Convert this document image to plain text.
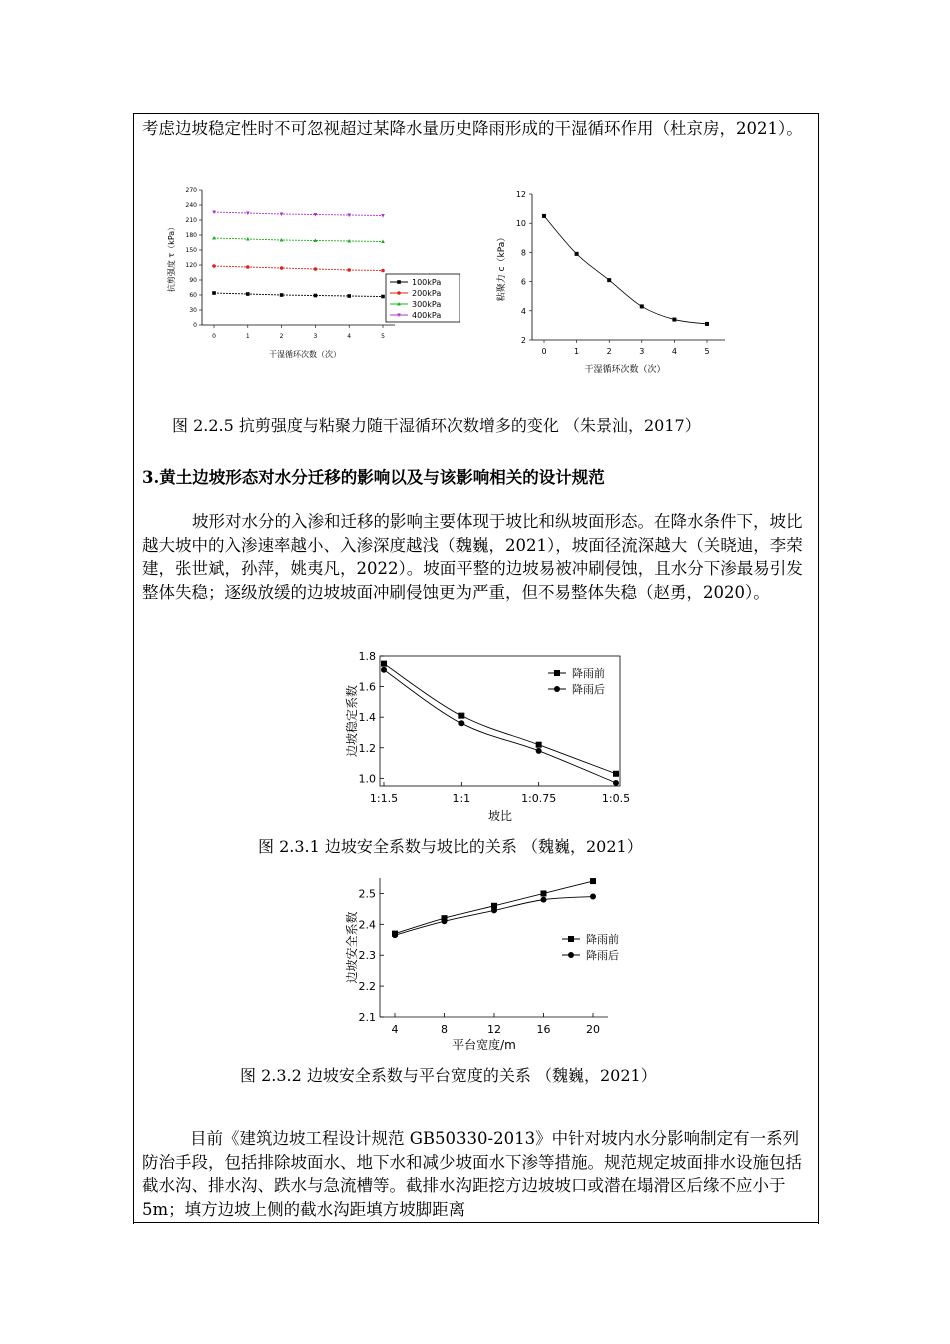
考虑边坡稳定性时不可忽视超过某降水量历史降雨形成的干湿循环作用（杜京房，2021）。

0
30
60
90
120
150
180
210
240
270
0	1	2	3	4	5
干湿循环次数（次）
抗剪强度 τ（kPa）	100kPa
200kPa
300kPa
400kPa
2
4
6
8
10
12
0	1	2	3	4	5
干湿循环次数（次）
粘聚力 c（kPa）
图 2.2.5 抗剪强度与粘聚力随干湿循环次数增多的变化 （朱景汕，2017）
3.黄土边坡形态对水分迁移的影响以及与该影响相关的设计规范

坡形对水分的入渗和迁移的影响主要体现于坡比和纵坡面形态。在降水条件下，坡比越大坡中的入渗速率越小、入渗深度越浅（魏巍，2021），坡面径流深越大（关晓迪，李荣建，张世斌，孙萍，姚夷凡，2022）。坡面平整的边坡易被冲刷侵蚀，且水分下渗最易引发整体失稳；逐级放缓的边坡坡面冲刷侵蚀更为严重，但不易整体失稳（赵勇，2020）。

1.0
1.2
1.4
1.6
1.8
1:1.5	1:1	1:0.75	1:0.5
坡比
边坡稳定系数
降雨前
降雨后
图 2.3.1 边坡安全系数与坡比的关系 （魏巍，2021）
2.1
2.2
2.3
2.4
2.5
4	8	12	16	20
平台宽度/m
边坡安全系数	降雨前
降雨后
图 2.3.2 边坡安全系数与平台宽度的关系 （魏巍，2021）

目前《建筑边坡工程设计规范 GB50330-2013》中针对坡内水分影响制定有一系列防治手段，包括排除坡面水、地下水和减少坡面水下渗等措施。规范规定坡面排水设施包括截水沟、排水沟、跌水与急流槽等。截排水沟距挖方边坡坡口或潜在塌滑区后缘不应小于 5m；填方边坡上侧的截水沟距填方坡脚距离
